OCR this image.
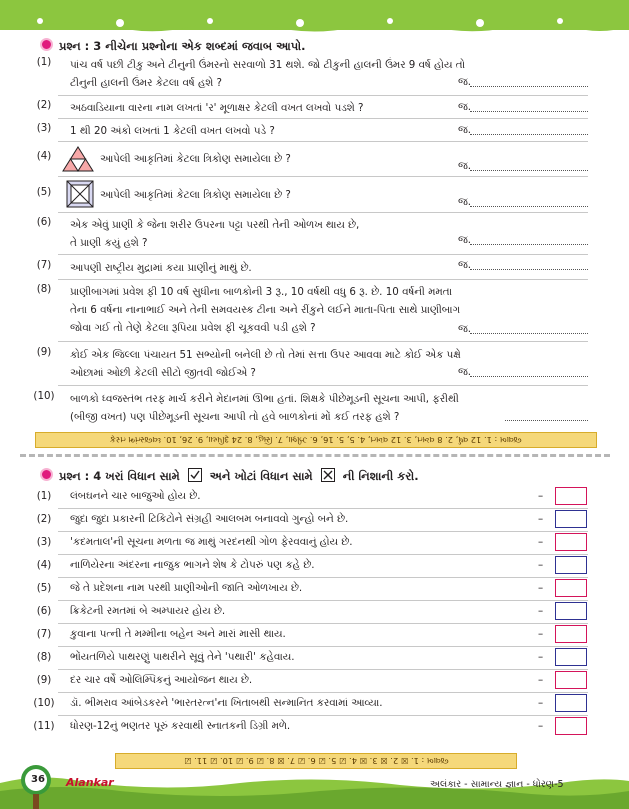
પ્રશ્ન : 3 નીચેના પ્રશ્નોના એક શબ્દમાં જવાબ આપો.
(1)	પાંચ વર્ષ પછી ટીકુ અને ટીનુની ઉંમરનો સરવાળો 31 થશે. જો ટીકુની હાલની ઉંમર 9 વર્ષ હોય તો
ટીનુની હાલની ઉંમર કેટલા વર્ષ હશે ?	જ.
(2)	અઠવાડિયાના વારના નામ લખતાં 'ર' મૂળાક્ષર કેટલી વખત લખવો પડશે ?	જ.
(3)	1 થી 20 અંકો લખતાં 1 કેટલી વખત લખવો પડે ?	જ.
(4)	આપેલી આકૃતિમાં કેટલા ત્રિકોણ સમાયેલા છે ?
જ.
(5)	આપેલી આકૃતિમાં કેટલા ત્રિકોણ સમાયેલા છે ?
જ.
(6)	એક એવું પ્રાણી કે જેના શરીર ઉપરના પટ્ટા પરથી તેની ઓળખ થાય છે,
તે પ્રાણી કયું હશે ?	જ.
(7)	આપણી રાષ્ટ્રીય મુદ્રામાં કયા પ્રાણીનું માથું છે.	જ.
(8)	પ્રાણીબાગમાં પ્રવેશ ફી 10 વર્ષ સુધીના બાળકોની 3 રૂ., 10 વર્ષથી વધુ 6 રૂ. છે. 10 વર્ષની મમતા
તેના 6 વર્ષના નાનાભાઈ અને તેની સમવયસ્ક ટીના અને રીંકુને લઈને માતા-પિતા સાથે પ્રાણીબાગ
જોવા ગઈ તો તેણે કેટલા રૂપિયા પ્રવેશ ફી ચૂકવવી પડી હશે ?	જ.
(9)	કોઈ એક જિલ્લા પંચાયત 51 સભ્યોની બનેલી છે તો તેમાં સત્તા ઉપર આવવા માટે કોઈ એક પક્ષે
ઓછામાં ઓછી કેટલી સીટો જીતવી જોઈએ ?	જ.
(10)	બાળકો ધ્વજસ્તંભ તરફ માર્ચ કરીને મેદાનમાં ઊભા હતાં. શિક્ષકે પીછેમૂડની સૂચના આપી, ફરીથી
(બીજી વખત) પણ પીછેમૂડની સૂચના આપી તો હવે બાળકોનાં મોં કઈ તરફ હશે ?
જવાબ : 1. 12 વર્ષ, 2. 8 વખત, 3. 12 વખત, 4. 5, 5. 16, 6. ઝીબ્રા, 7. સિંહ, 8. 24 રૂપિયા, 9. 26, 10. ધ્વજસ્તંભ તરફ
પ્રશ્ન : 4 ખરાં વિધાન સામે	અને ખોટાં વિધાન સામે ☒ ની નિશાની કરો.
(1)	લંબઘનને ચાર બાજુઓ હોય છે.	–
(2)	જુદા જુદા પ્રકારની ટિકિટોને સંગ્રહી આલબમ બનાવવો ગુન્હો બને છે.	–
(3)	'કદમતાલ'ની સૂચના મળતા જ માથું ગરદનથી ગોળ ફેરવવાનું હોય છે.	–
(4)	નાળિયેરના અંદરના નાજુક ભાગને શેષ કે ટોપરું પણ કહે છે.	–
(5)	જે તે પ્રદેશના નામ પરથી પ્રાણીઓની જાતિ ઓળખાય છે.	–
(6)	ક્રિકેટની રમતમાં બે અમ્પાયર હોય છે.	–
(7)	કુવાના પત્ની તે મમ્મીના બહેન અને મારાં માસી થાય.	–
(8)	ભોંયતળિયે પાથરણું પાથરીને સૂવું તેને 'પથારી' કહેવાય.	–
(9)	દર ચાર વર્ષે ઓલિમ્પિકનું આયોજન થાય છે.	–
(10)	ડૉ. ભીમરાવ આંબેડકરને 'ભારતરત્ન'ના ખિતાબથી સન્માનિત કરવામાં આવ્યા.	–
(11)	ધોરણ-12નું ભણતર પૂરું કરવાથી સ્નાતકની ડિગ્રી મળે.	–
જવાબ : 1. ☒ 2. ☒ 3. ☒ 4. ☑ 5. ☑ 6. ☑ 7. ☒ 8. ☑ 9. ☑ 10. ☑ 11. ☑
36 Alankar	અલંકાર - સામાન્ય જ્ઞાન - ધોરણ-5
